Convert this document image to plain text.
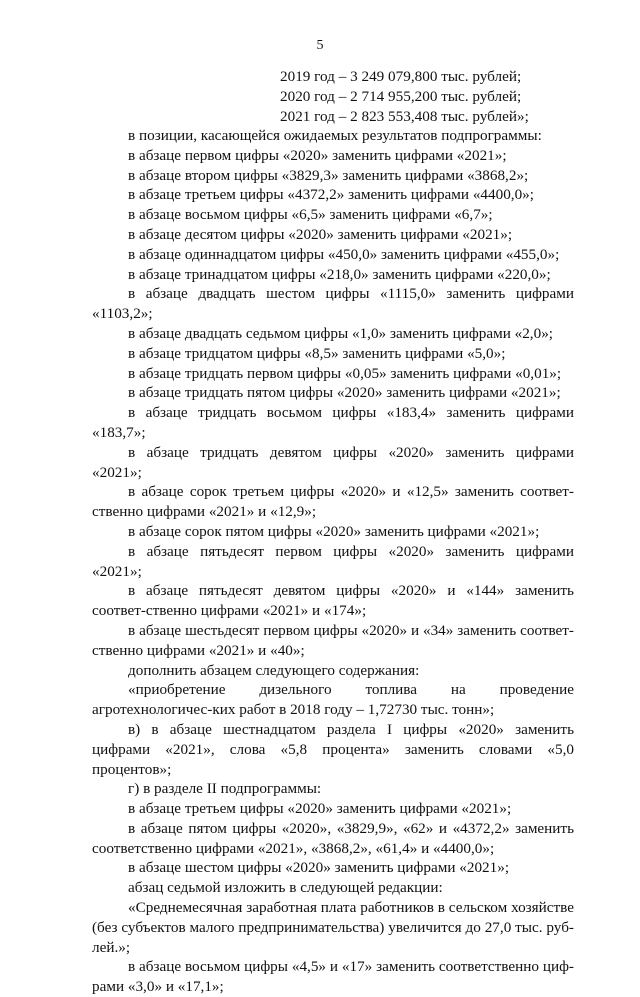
5
2019 год – 3 249 079,800 тыс. рублей;
2020 год – 2 714 955,200 тыс. рублей;
2021 год – 2 823 553,408 тыс. рублей»;

в позиции, касающейся ожидаемых результатов подпрограммы:

в абзаце первом цифры «2020» заменить цифрами «2021»;

в абзаце втором цифры «3829,3» заменить цифрами «3868,2»;

в абзаце третьем цифры «4372,2» заменить цифрами «4400,0»;

в абзаце восьмом цифры «6,5» заменить цифрами «6,7»;

в абзаце десятом цифры «2020» заменить цифрами «2021»;

в абзаце одиннадцатом цифры «450,0» заменить цифрами «455,0»;

в абзаце тринадцатом цифры «218,0» заменить цифрами «220,0»;

в абзаце двадцать шестом цифры «1115,0» заменить цифрами «1103,2»;

в абзаце двадцать седьмом цифры «1,0» заменить цифрами «2,0»;

в абзаце тридцатом цифры «8,5» заменить цифрами «5,0»;

в абзаце тридцать первом цифры «0,05» заменить цифрами «0,01»;

в абзаце тридцать пятом цифры «2020» заменить цифрами «2021»;

в абзаце тридцать восьмом цифры «183,4» заменить цифрами «183,7»;

в абзаце тридцать девятом цифры «2020» заменить цифрами «2021»;

в абзаце сорок третьем цифры «2020» и «12,5» заменить соответ-ственно цифрами «2021» и «12,9»;

в абзаце сорок пятом цифры «2020» заменить цифрами «2021»;

в абзаце пятьдесят первом цифры «2020» заменить цифрами «2021»;

в абзаце пятьдесят девятом цифры «2020» и «144» заменить соответ-ственно цифрами «2021» и «174»;

в абзаце шестьдесят первом цифры «2020» и «34» заменить соответ-ственно цифрами «2021» и «40»;

дополнить абзацем следующего содержания:

«приобретение дизельного топлива на проведение агротехнологичес-ких работ в 2018 году – 1,72730 тыс. тонн»;

в) в абзаце шестнадцатом раздела I цифры «2020» заменить цифрами «2021», слова «5,8 процента» заменить словами «5,0 процентов»;

г) в разделе II подпрограммы:

в абзаце третьем цифры «2020» заменить цифрами «2021»;

в абзаце пятом цифры «2020», «3829,9», «62» и «4372,2» заменить соответственно цифрами «2021», «3868,2», «61,4» и «4400,0»;

в абзаце шестом цифры «2020» заменить цифрами «2021»;

абзац седьмой изложить в следующей редакции:

«Среднемесячная заработная плата работников в сельском хозяйстве (без субъектов малого предпринимательства) увеличится до 27,0 тыс. руб-лей.»;

в абзаце восьмом цифры «4,5» и «17» заменить соответственно циф-рами «3,0» и «17,1»;
